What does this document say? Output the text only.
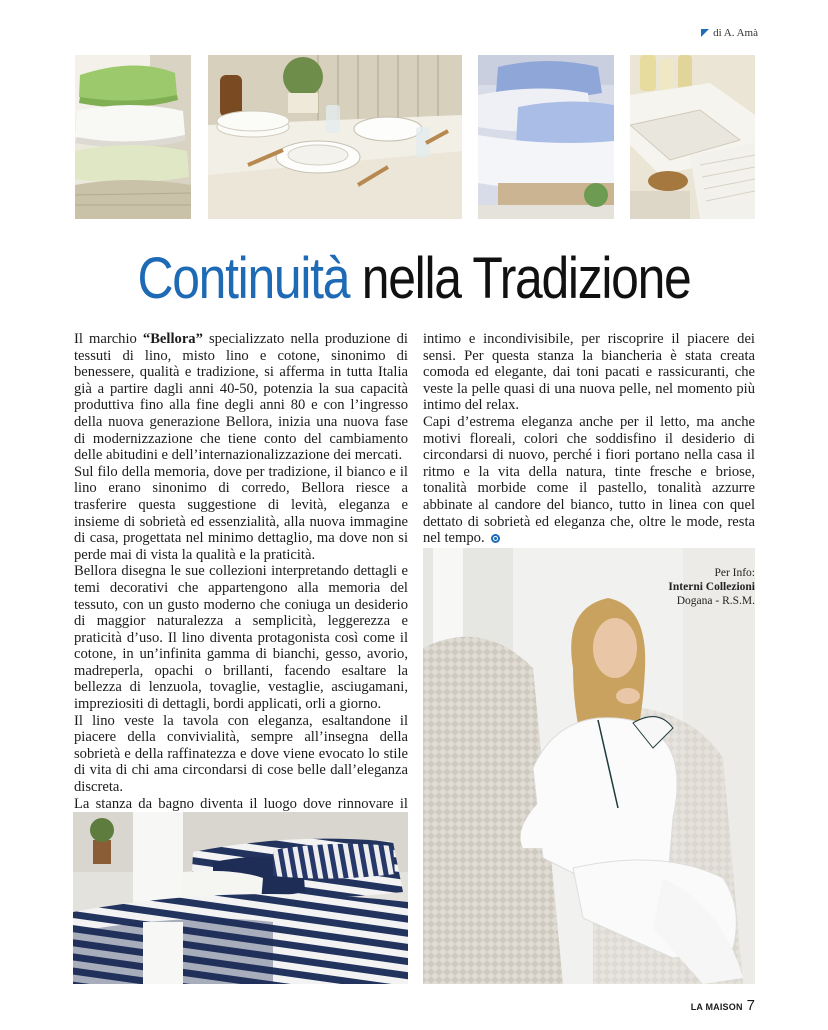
di A. Amà
Continuità nella Tradizione

Il marchio “Bellora” specializzato nella produzione di tessuti di lino, misto lino e cotone, sinonimo di benessere, qualità e tradizione, si afferma in tutta Italia già a partire dagli anni 40-50, potenzia la sua capacità produttiva fino alla fine degli anni 80 e con l’ingresso della nuova generazione Bellora, inizia una nuova fase di modernizzazione che tiene conto del cambiamento delle abitudini e dell’internazionalizzazione dei mercati.

Sul filo della memoria, dove per tradizione, il bianco e il lino erano sinonimo di corredo, Bellora riesce a trasferire questa suggestione di levità, eleganza e insieme di sobrietà ed essenzialità, alla nuova immagine di casa, progettata nel minimo dettaglio, ma dove non si perde mai di vista la qualità e la praticità.

Bellora disegna le sue collezioni interpretando dettagli e temi decorativi che appartengono alla memoria del tessuto, con un gusto moderno che coniuga un desiderio di maggior naturalezza a semplicità, leggerezza e praticità d’uso. Il lino diventa protagonista così come il cotone, in un’infinita gamma di bianchi, gesso, avorio, madreperla, opachi o brillanti, facendo esaltare la bellezza di lenzuola, tovaglie, vestaglie, asciugamani, impreziositi di dettagli, bordi applicati, orli a giorno.

Il lino veste la tavola con eleganza, esaltandone il piacere della convivialità, sempre all’insegna della sobrietà e della raffinatezza e dove viene evocato lo stile di vita di chi ama circondarsi di cose belle dall’eleganza discreta.

La stanza da bagno diventa il luogo dove rinnovare il

intimo e incondivisibile, per riscoprire il piacere dei sensi. Per questa stanza la biancheria è stata creata comoda ed elegante, dai toni pacati e rassicuranti, che veste la pelle quasi di una nuova pelle, nel momento più intimo del relax.

Capi d’estrema eleganza anche per il letto, ma anche motivi floreali, colori che soddisfino il desiderio di circondarsi di nuovo, perché i fiori portano nella casa il ritmo e la vita della natura, tinte fresche e briose, tonalità morbide come il pastello, tonalità azzurre abbinate al candore del bianco, tutto in linea con quel dettato di sobrietà ed eleganza che, oltre le mode, resta nel tempo.

Per Info:
Interni Collezioni
Dogana - R.S.M.
LA MAISON 7
